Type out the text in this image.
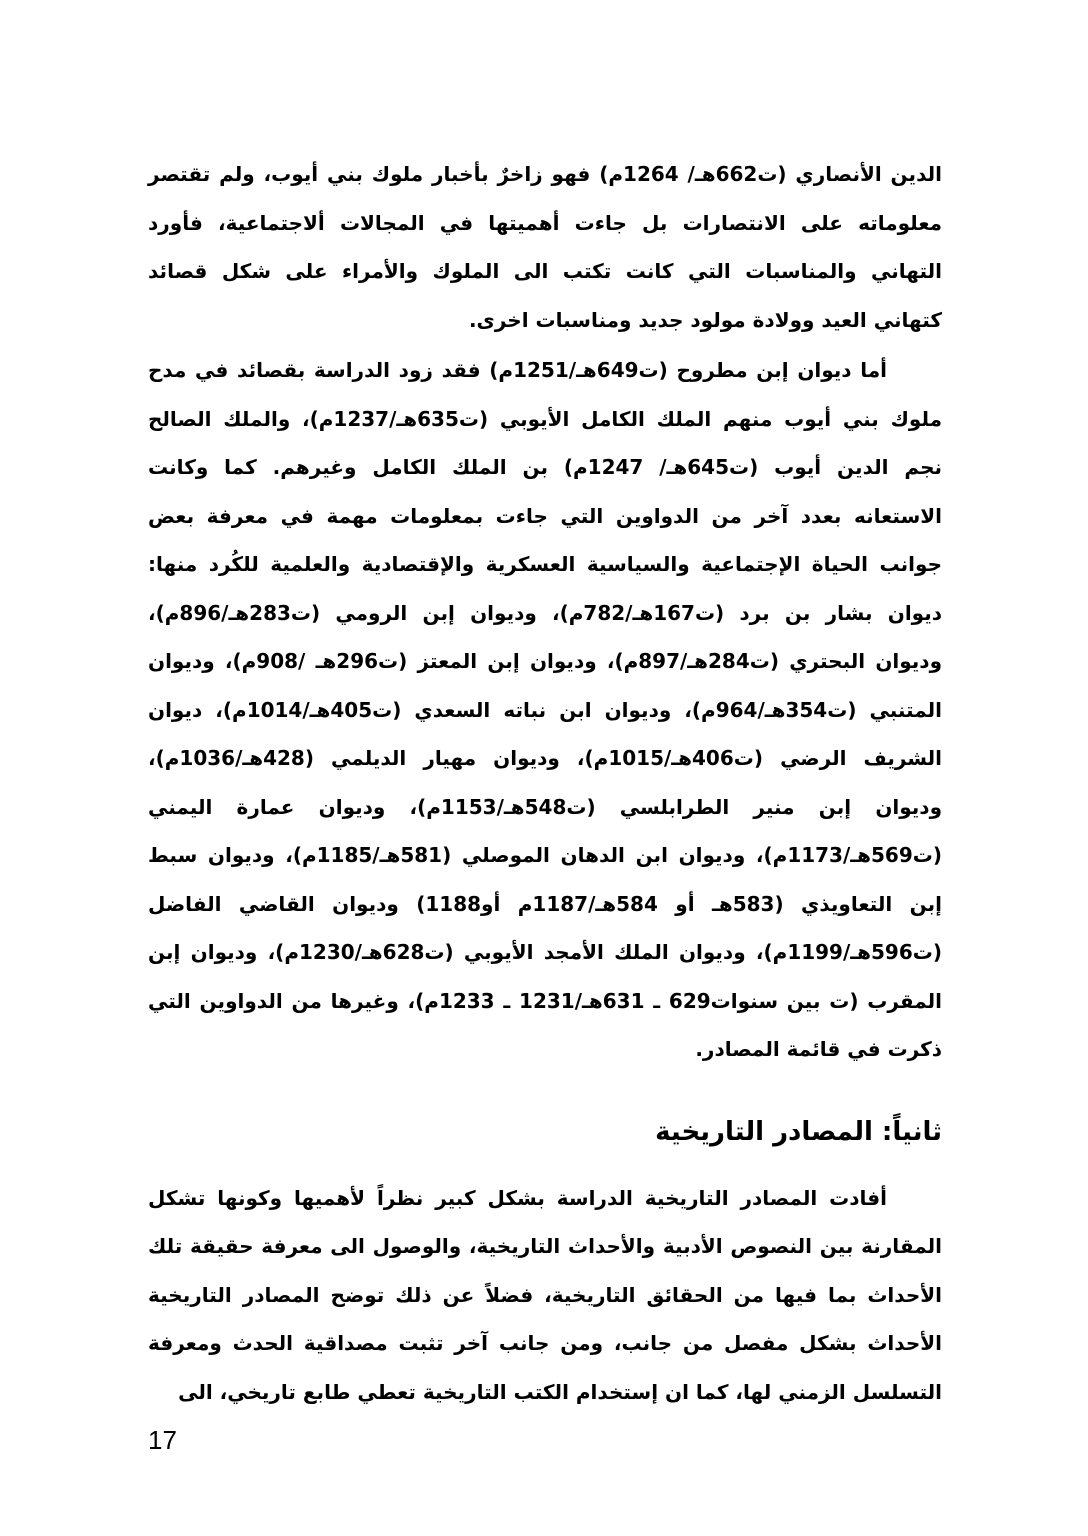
الدين الأنصاري (ت662هـ/ 1264م) فهو زاخرٌ بأخبار ملوك بني أيوب، ولم تقتصر معلوماته على الانتصارات بل جاءت أهميتها في المجالات ألاجتماعية، فأورد التهاني والمناسبات التي كانت تكتب الى الملوك والأمراء على شكل قصائد كتهاني العيد وولادة مولود جديد ومناسبات اخرى.

أما ديوان إبن مطروح (ت649هـ/1251م) فقد زود الدراسة بقصائد في مدح ملوك بني أيوب منهم الملك الكامل الأيوبي (ت635هـ/1237م)، والملك الصالح نجم الدين أيوب (ت645هـ/ 1247م) بن الملك الكامل وغيرهم. كما وكانت الاستعانه بعدد آخر من الدواوين التي جاءت بمعلومات مهمة في معرفة بعض جوانب الحياة الإجتماعية والسياسية العسكرية والإقتصادية والعلمية للكُرد منها: ديوان بشار بن برد (ت167هـ/782م)، وديوان إبن الرومي (ت283هـ/896م)، وديوان البحتري (ت284هـ/897م)، وديوان إبن المعتز (ت296هـ /908م)، وديوان المتنبي (ت354هـ/964م)، وديوان ابن نباته السعدي (ت405هـ/1014م)، ديوان الشريف الرضي (ت406هـ/1015م)، وديوان مهيار الديلمي (428هـ/1036م)، وديوان إبن منير الطرابلسي (ت548هـ/1153م)، وديوان عمارة اليمني (ت569هـ/1173م)، وديوان ابن الدهان الموصلي (581هـ/1185م)، وديوان سبط إبن التعاويذي (583هـ أو 584هـ/1187م أو1188) وديوان القاضي الفاضل (ت596هـ/1199م)، وديوان الملك الأمجد الأيوبي (ت628هـ/1230م)، وديوان إبن المقرب (ت بين سنوات629 ـ 631هـ/1231 ـ 1233م)، وغيرها من الدواوين التي ذكرت في قائمة المصادر.

ثانياً: المصادر التاريخية

أفادت المصادر التاريخية الدراسة بشكل كبير نظراً لأهميها وكونها تشكل المقارنة بين النصوص الأدبية والأحداث التاريخية، والوصول الى معرفة حقيقة تلك الأحداث بما فيها من الحقائق التاريخية، فضلاً عن ذلك توضح المصادر التاريخية الأحداث بشكل مفصل من جانب، ومن جانب آخر تثبت مصداقية الحدث ومعرفة التسلسل الزمني لها، كما ان إستخدام الكتب التاريخية تعطي طابع تاريخي، الى

17
